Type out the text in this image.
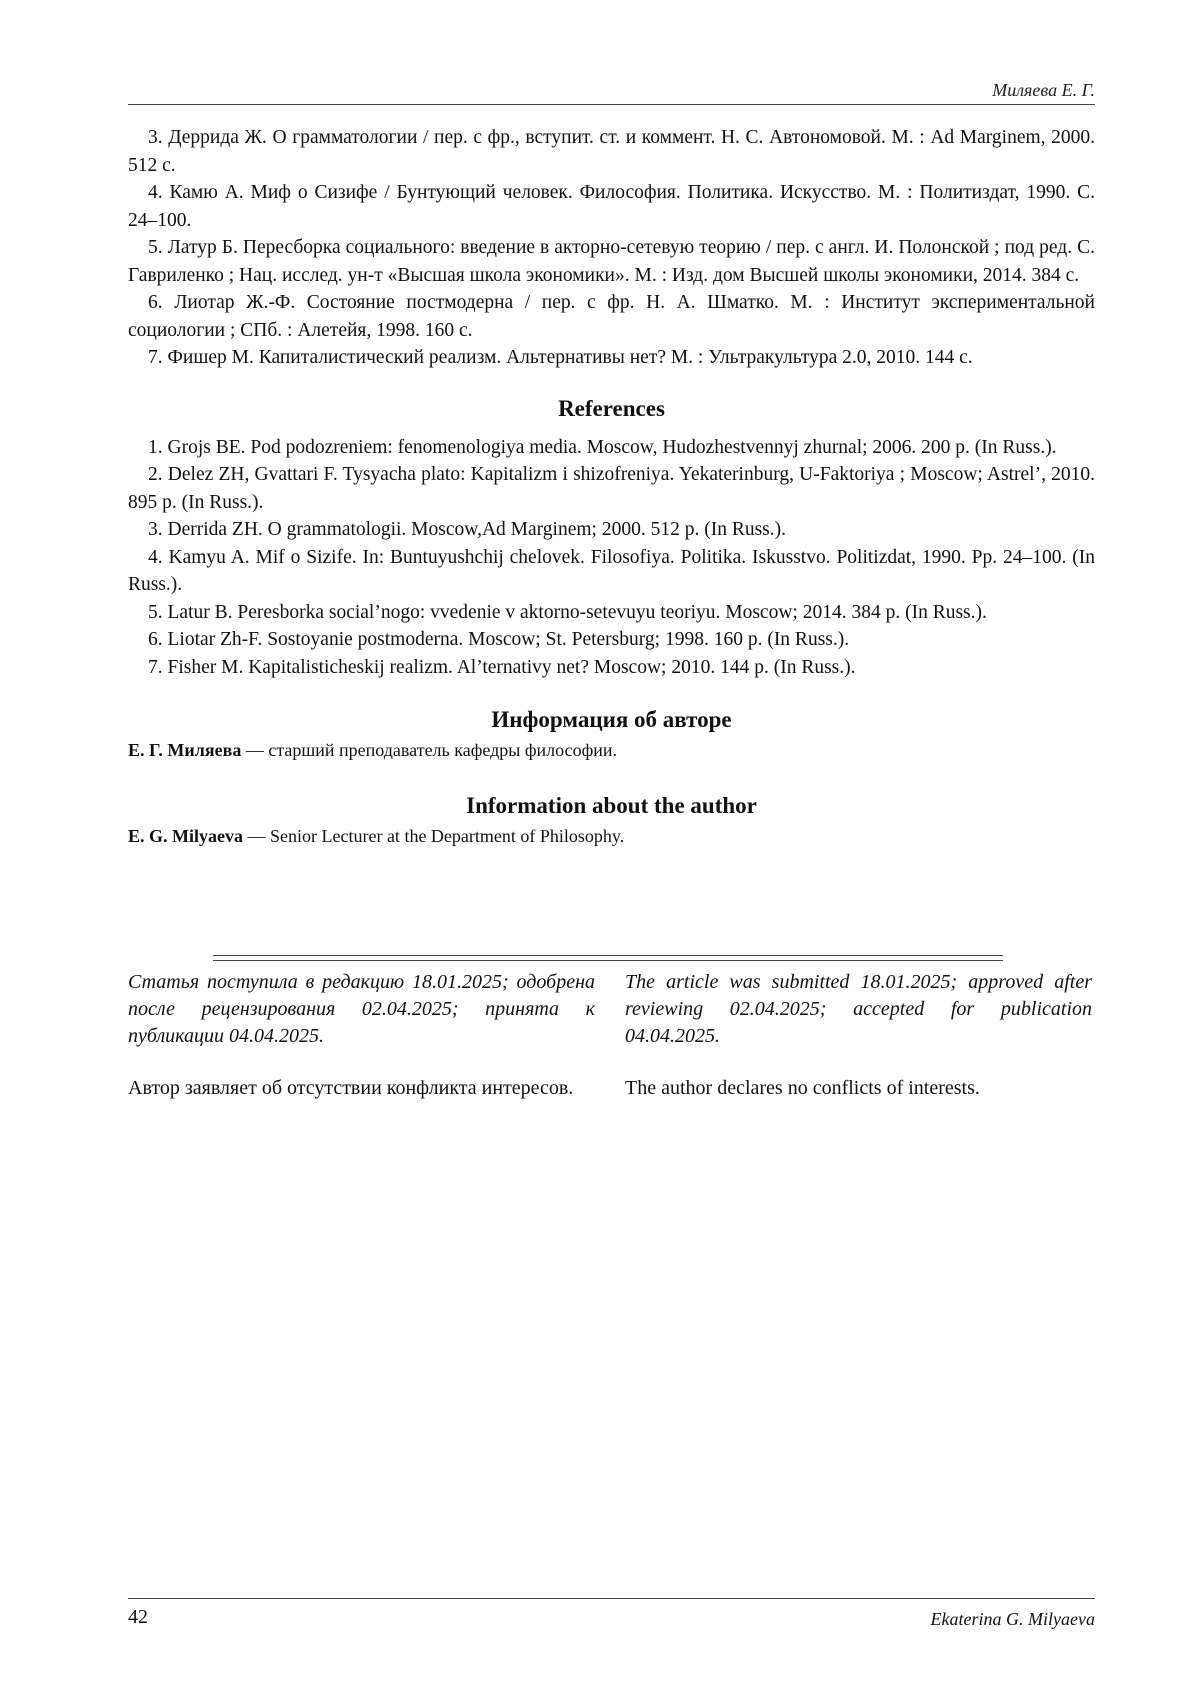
Миляева Е. Г.

3. Деррида Ж. О грамматологии / пер. с фр., вступит. ст. и коммент. Н. С. Автономовой. М. : Ad Marginem, 2000. 512 с.

4. Камю А. Миф о Сизифе / Бунтующий человек. Философия. Политика. Искусство. М. : Политиздат, 1990. С. 24–100.

5. Латур Б. Пересборка социального: введение в акторно-сетевую теорию / пер. с англ. И. Полонской ; под ред. С. Гавриленко ; Нац. исслед. ун-т «Высшая школа экономики». М. : Изд. дом Высшей школы экономики, 2014. 384 с.

6. Лиотар Ж.-Ф. Состояние постмодерна / пер. с фр. Н. А. Шматко. М. : Институт экспериментальной социологии ; СПб. : Алетейя, 1998. 160 с.

7. Фишер М. Капиталистический реализм. Альтернативы нет? М. : Ультракультура 2.0, 2010. 144 с.

References

1. Grojs BE. Pod podozreniem: fenomenologiya media. Moscow, Hudozhestvennyj zhurnal; 2006. 200 p. (In Russ.).

2. Delez ZH, Gvattari F. Tysyacha plato: Kapitalizm i shizofreniya. Yekaterinburg, U-Faktoriya ; Moscow; Astrel’, 2010. 895 p. (In Russ.).

3. Derrida ZH. O grammatologii. Moscow,Ad Marginem; 2000. 512 p. (In Russ.).

4. Kamyu A. Mif o Sizife. In: Buntuyushchij chelovek. Filosofiya. Politika. Iskusstvo. Politizdat, 1990. Pp. 24–100. (In Russ.).

5. Latur B. Peresborka social’nogo: vvedenie v aktorno-setevuyu teoriyu. Moscow; 2014. 384 p. (In Russ.).

6. Liotar Zh-F. Sostoyanie postmoderna. Moscow; St. Petersburg; 1998. 160 p. (In Russ.).

7. Fisher M. Kapitalisticheskij realizm. Al’ternativy net? Moscow; 2010. 144 p. (In Russ.).

Информация об авторе

Е. Г. Миляева — старший преподаватель кафедры философии.

Information about the author

E. G. Milyaeva — Senior Lecturer at the Department of Philosophy.

Статья поступила в редакцию 18.01.2025; одобрена после рецензирования 02.04.2025; принята к публикации 04.04.2025.

Автор заявляет об отсутствии конфликта интересов.

The article was submitted 18.01.2025; approved after reviewing 02.04.2025; accepted for publication 04.04.2025.

The author declares no conflicts of interests.

42	Ekaterina G. Milyaeva
